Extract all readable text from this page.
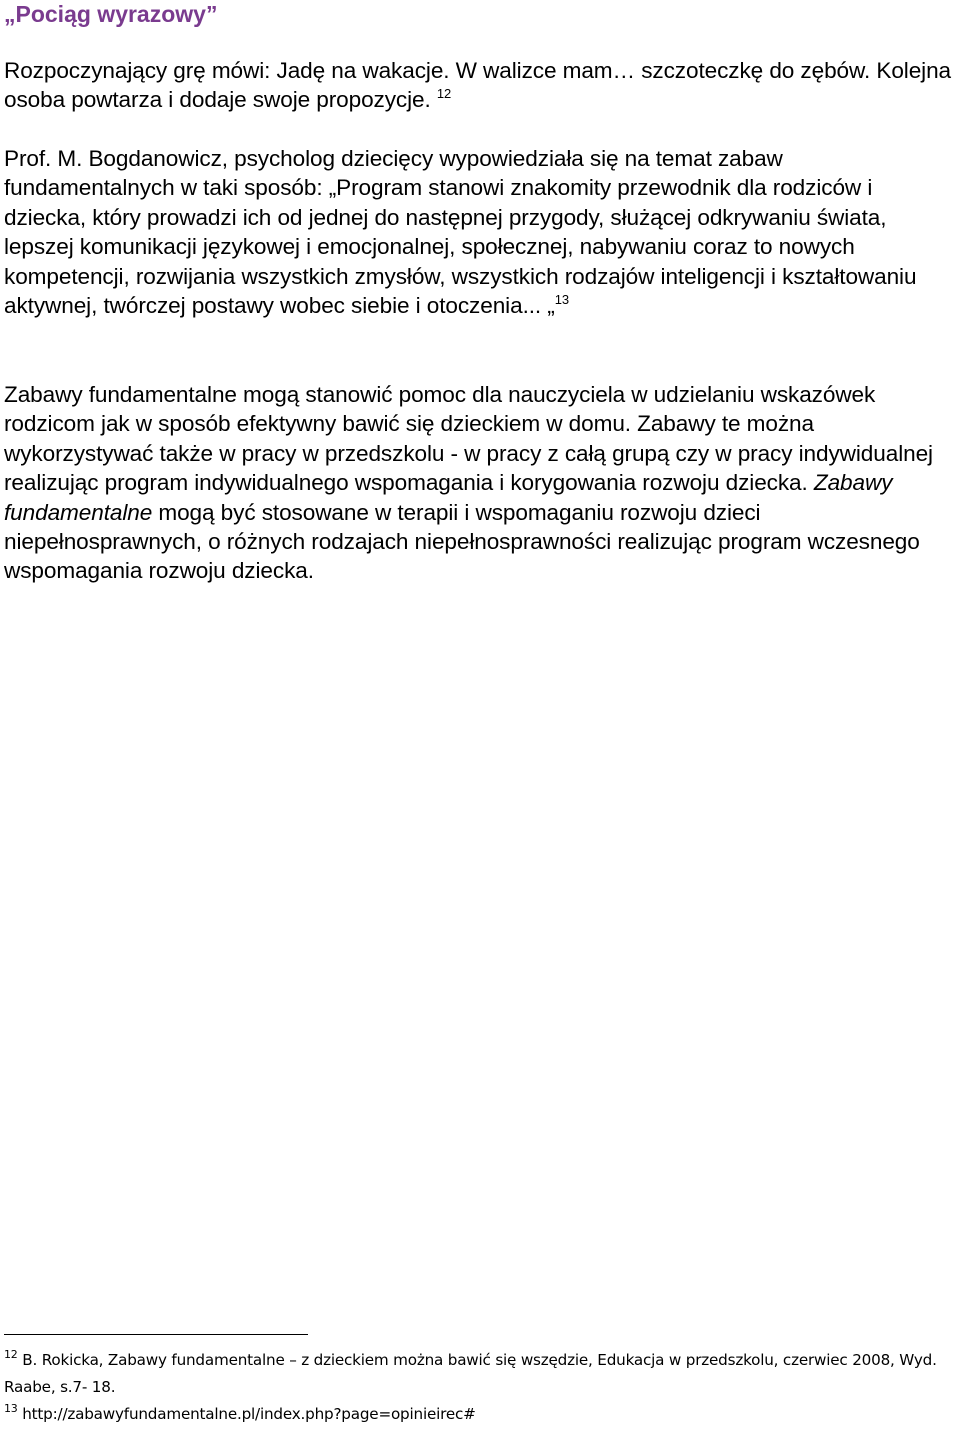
„Pociąg wyrazowy”

Rozpoczynający grę mówi: Jadę na wakacje. W walizce mam… szczoteczkę do zębów. Kolejna osoba powtarza i dodaje swoje propozycje. $^{12}$

Prof. M. Bogdanowicz, psycholog dziecięcy wypowiedziała się na temat zabaw fundamentalnych w taki sposób: „Program stanowi znakomity przewodnik dla rodziców i dziecka, który prowadzi ich od jednej do następnej przygody, służącej odkrywaniu świata, lepszej komunikacji językowej i emocjonalnej, społecznej, nabywaniu coraz to nowych kompetencji, rozwijania wszystkich zmysłów, wszystkich rodzajów inteligencji i kształtowaniu aktywnej, twórczej postawy wobec siebie i otoczenia... „$^{13}$

Zabawy fundamentalne mogą stanowić pomoc dla nauczyciela w udzielaniu wskazówek rodzicom jak w sposób efektywny bawić się dzieckiem w domu. Zabawy te można wykorzystywać także w pracy w przedszkolu - w pracy z całą grupą czy w pracy indywidualnej realizując program indywidualnego wspomagania i korygowania rozwoju dziecka. Zabawy fundamentalne mogą być stosowane w terapii i wspomaganiu rozwoju dzieci niepełnosprawnych, o różnych rodzajach niepełnosprawności realizując program wczesnego wspomagania rozwoju dziecka.

$^{12}$ B. Rokicka, Zabawy fundamentalne – z dzieckiem można bawić się wszędzie, Edukacja w przedszkolu, czerwiec 2008, Wyd. Raabe, s.7- 18.

$^{13}$ http://zabawyfundamentalne.pl/index.php?page=opinieirec#
